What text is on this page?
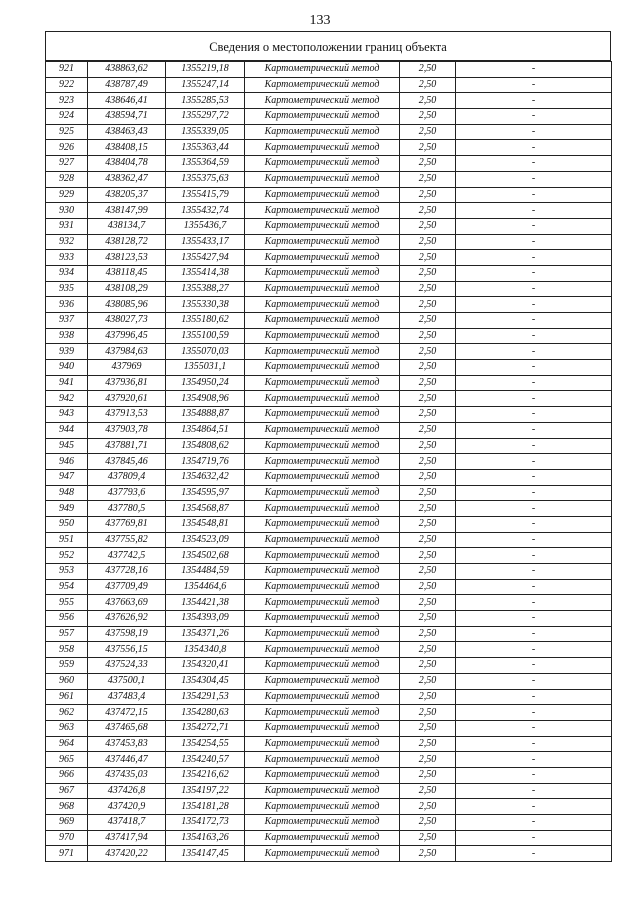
133
Сведения о местоположении границ объекта
921	438863,62	1355219,18	Картометрический метод	2,50	-
922	438787,49	1355247,14	Картометрический метод	2,50	-
923	438646,41	1355285,53	Картометрический метод	2,50	-
924	438594,71	1355297,72	Картометрический метод	2,50	-
925	438463,43	1355339,05	Картометрический метод	2,50	-
926	438408,15	1355363,44	Картометрический метод	2,50	-
927	438404,78	1355364,59	Картометрический метод	2,50	-
928	438362,47	1355375,63	Картометрический метод	2,50	-
929	438205,37	1355415,79	Картометрический метод	2,50	-
930	438147,99	1355432,74	Картометрический метод	2,50	-
931	438134,7	1355436,7	Картометрический метод	2,50	-
932	438128,72	1355433,17	Картометрический метод	2,50	-
933	438123,53	1355427,94	Картометрический метод	2,50	-
934	438118,45	1355414,38	Картометрический метод	2,50	-
935	438108,29	1355388,27	Картометрический метод	2,50	-
936	438085,96	1355330,38	Картометрический метод	2,50	-
937	438027,73	1355180,62	Картометрический метод	2,50	-
938	437996,45	1355100,59	Картометрический метод	2,50	-
939	437984,63	1355070,03	Картометрический метод	2,50	-
940	437969	1355031,1	Картометрический метод	2,50	-
941	437936,81	1354950,24	Картометрический метод	2,50	-
942	437920,61	1354908,96	Картометрический метод	2,50	-
943	437913,53	1354888,87	Картометрический метод	2,50	-
944	437903,78	1354864,51	Картометрический метод	2,50	-
945	437881,71	1354808,62	Картометрический метод	2,50	-
946	437845,46	1354719,76	Картометрический метод	2,50	-
947	437809,4	1354632,42	Картометрический метод	2,50	-
948	437793,6	1354595,97	Картометрический метод	2,50	-
949	437780,5	1354568,87	Картометрический метод	2,50	-
950	437769,81	1354548,81	Картометрический метод	2,50	-
951	437755,82	1354523,09	Картометрический метод	2,50	-
952	437742,5	1354502,68	Картометрический метод	2,50	-
953	437728,16	1354484,59	Картометрический метод	2,50	-
954	437709,49	1354464,6	Картометрический метод	2,50	-
955	437663,69	1354421,38	Картометрический метод	2,50	-
956	437626,92	1354393,09	Картометрический метод	2,50	-
957	437598,19	1354371,26	Картометрический метод	2,50	-
958	437556,15	1354340,8	Картометрический метод	2,50	-
959	437524,33	1354320,41	Картометрический метод	2,50	-
960	437500,1	1354304,45	Картометрический метод	2,50	-
961	437483,4	1354291,53	Картометрический метод	2,50	-
962	437472,15	1354280,63	Картометрический метод	2,50	-
963	437465,68	1354272,71	Картометрический метод	2,50	-
964	437453,83	1354254,55	Картометрический метод	2,50	-
965	437446,47	1354240,57	Картометрический метод	2,50	-
966	437435,03	1354216,62	Картометрический метод	2,50	-
967	437426,8	1354197,22	Картометрический метод	2,50	-
968	437420,9	1354181,28	Картометрический метод	2,50	-
969	437418,7	1354172,73	Картометрический метод	2,50	-
970	437417,94	1354163,26	Картометрический метод	2,50	-
971	437420,22	1354147,45	Картометрический метод	2,50	-
